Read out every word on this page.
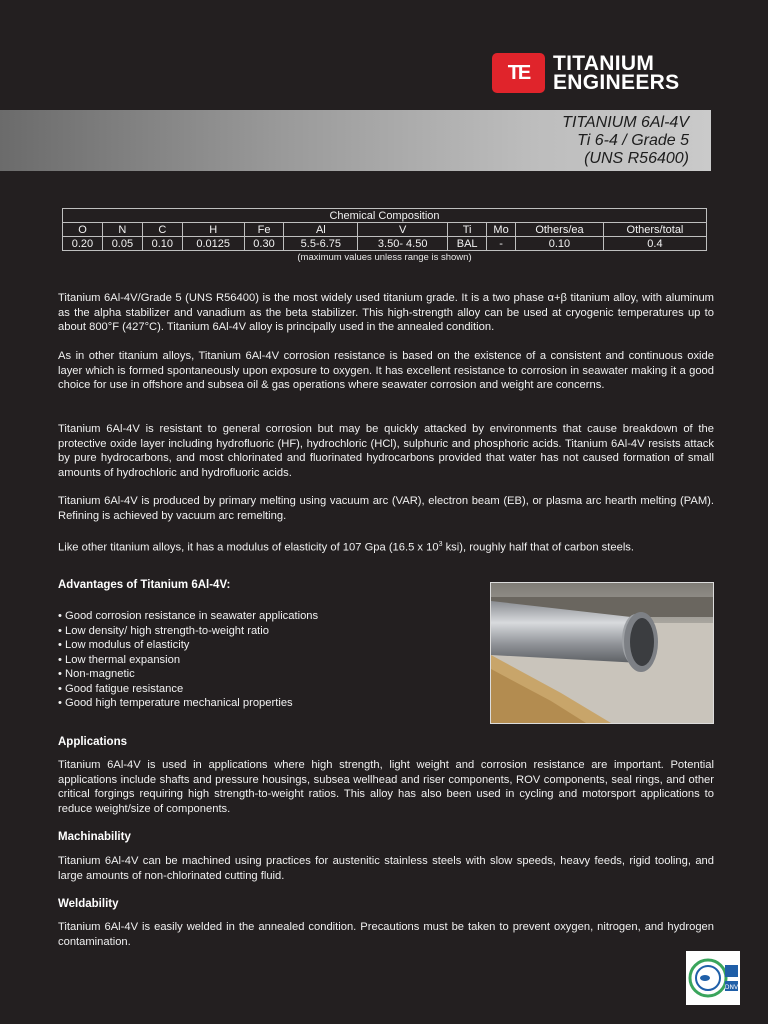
TE	TITANIUM
ENGINEERS
TITANIUM 6Al-4V
Ti 6-4 / Grade 5
(UNS R56400)
Chemical Composition										
O	N	C	H	Fe	Al	V	Ti	Mo	Others/ea	Others/total
0.20	0.05	0.10	0.0125	0.30	5.5-6.75	3.50- 4.50	BAL	-	0.10	0.4
(maximum values unless range is shown)

Titanium 6Al-4V/Grade 5 (UNS R56400) is the most widely used titanium grade. It is a two phase α+β titanium alloy, with aluminum as the alpha stabilizer and vanadium as the beta stabilizer. This high-strength alloy can be used at cryogenic temperatures up to about 800°F (427°C). Titanium 6Al-4V alloy is principally used in the annealed condition.

As in other titanium alloys, Titanium 6Al-4V corrosion resistance is based on the existence of a consistent and continuous oxide layer which is formed spontaneously upon exposure to oxygen. It has excellent resistance to corrosion in seawater making it a good choice for use in offshore and subsea oil & gas operations where seawater corrosion and weight are concerns.

Titanium 6Al-4V is resistant to general corrosion but may be quickly attacked by environments that cause breakdown of the protective oxide layer including hydrofluoric (HF), hydrochloric (HCl), sulphuric and phosphoric acids. Titanium 6Al-4V resists attack by pure hydrocarbons, and most chlorinated and fluorinated hydrocarbons provided that water has not caused formation of small amounts of hydrochloric and hydrofluoric acids.

Titanium 6Al-4V is produced by primary melting using vacuum arc (VAR), electron beam (EB), or plasma arc hearth melting (PAM). Refining is achieved by vacuum arc remelting.

Like other titanium alloys, it has a modulus of elasticity of 107 Gpa (16.5 x $10^3$ ksi), roughly half that of carbon steels.

Advantages of Titanium 6Al-4V:

• Good corrosion resistance in seawater applications
• Low density/ high strength-to-weight ratio
• Low modulus of elasticity
• Low thermal expansion
• Non-magnetic
• Good fatigue resistance
• Good high temperature mechanical properties

Applications

Titanium 6Al-4V is used in applications where high strength, light weight and corrosion resistance are important. Potential applications include shafts and pressure housings, subsea wellhead and riser components, ROV components, seal rings, and other critical forgings requiring high strength-to-weight ratios. This alloy has also been used in cycling and motorsport applications to reduce weight/size of components.

Machinability

Titanium 6Al-4V can be machined using practices for austenitic stainless steels with slow speeds, heavy feeds, rigid tooling, and large amounts of non-chlorinated cutting fluid.

Weldability

Titanium 6Al-4V is easily welded in the annealed condition. Precautions must be taken to prevent oxygen, nitrogen, and hydrogen contamination.

DNV
